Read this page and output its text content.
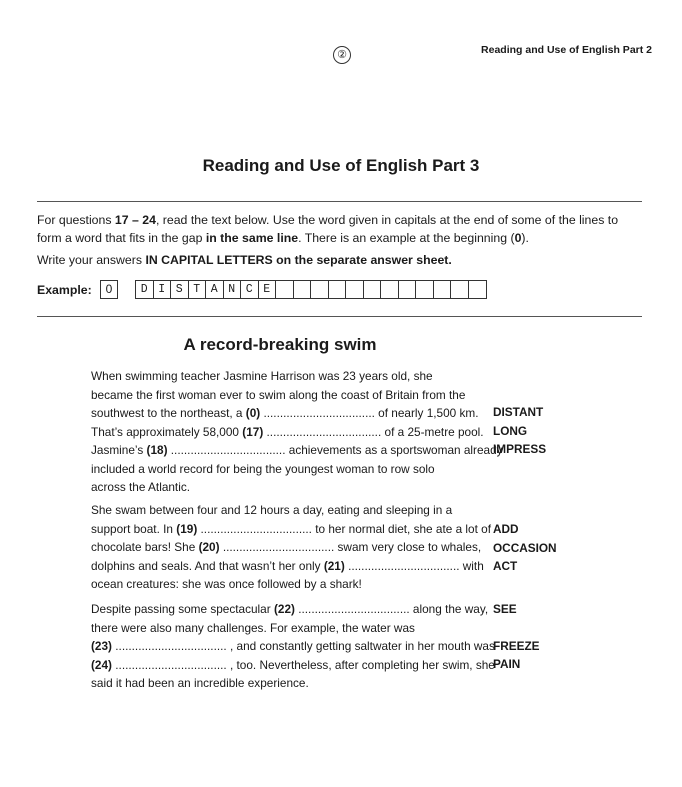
②	Reading and Use of English Part 2
Reading and Use of English Part 3
For questions 17 – 24, read the text below. Use the word given in capitals at the end of some of the lines to form a word that fits in the gap in the same line. There is an example at the beginning (0).
Write your answers IN CAPITAL LETTERS on the separate answer sheet.
Example:	0	D I S T A N C E
A record-breaking swim

When swimming teacher Jasmine Harrison was 23 years old, she

became the first woman ever to swim along the coast of Britain from the

southwest to the northeast, a (0) .................................. of nearly 1,500 km.

That’s approximately 58,000 (17) ................................... of a 25-metre pool.

Jasmine’s (18) ................................... achievements as a sportswoman already

included a world record for being the youngest woman to row solo

across the Atlantic.

She swam between four and 12 hours a day, eating and sleeping in a

support boat. In (19) .................................. to her normal diet, she ate a lot of

chocolate bars! She (20) .................................. swam very close to whales,

dolphins and seals. And that wasn’t her only (21) .................................. with

ocean creatures: she was once followed by a shark!

Despite passing some spectacular (22) .................................. along the way,

there were also many challenges. For example, the water was

(23) .................................. , and constantly getting saltwater in her mouth was

(24) .................................. , too. Nevertheless, after completing her swim, she

said it had been an incredible experience.

DISTANT
LONG
IMPRESS
ADD
OCCASION
ACT
SEE
FREEZE
PAIN
